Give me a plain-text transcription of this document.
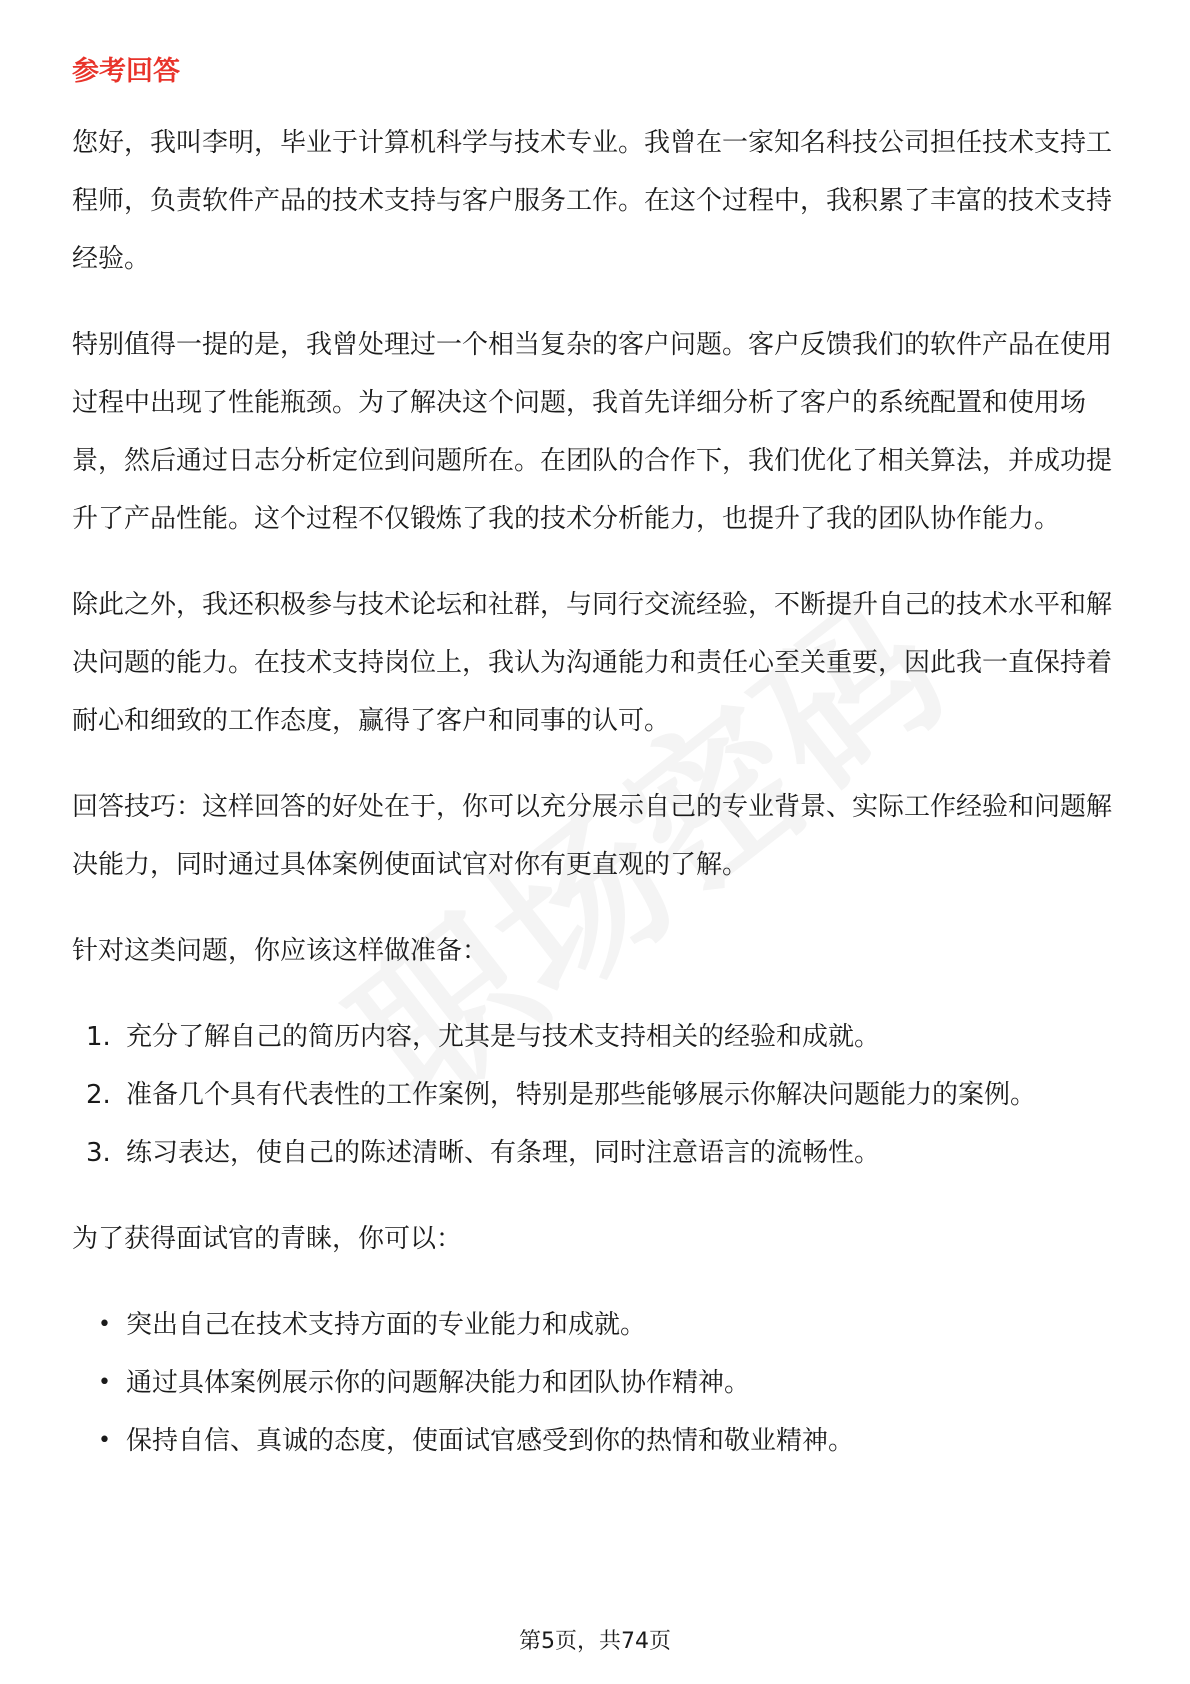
参考回答

您好，我叫李明，毕业于计算机科学与技术专业。我曾在一家知名科技公司担任技术支持工程师，负责软件产品的技术支持与客户服务工作。在这个过程中，我积累了丰富的技术支持经验。

特别值得一提的是，我曾处理过一个相当复杂的客户问题。客户反馈我们的软件产品在使用过程中出现了性能瓶颈。为了解决这个问题，我首先详细分析了客户的系统配置和使用场景，然后通过日志分析定位到问题所在。在团队的合作下，我们优化了相关算法，并成功提升了产品性能。这个过程不仅锻炼了我的技术分析能力，也提升了我的团队协作能力。

除此之外，我还积极参与技术论坛和社群，与同行交流经验，不断提升自己的技术水平和解决问题的能力。在技术支持岗位上，我认为沟通能力和责任心至关重要，因此我一直保持着耐心和细致的工作态度，赢得了客户和同事的认可。

回答技巧：这样回答的好处在于，你可以充分展示自己的专业背景、实际工作经验和问题解决能力，同时通过具体案例使面试官对你有更直观的了解。

针对这类问题，你应该这样做准备：

1. 充分了解自己的简历内容，尤其是与技术支持相关的经验和成就。
2. 准备几个具有代表性的工作案例，特别是那些能够展示你解决问题能力的案例。
3. 练习表达，使自己的陈述清晰、有条理，同时注意语言的流畅性。

为了获得面试官的青睐，你可以：

• 突出自己在技术支持方面的专业能力和成就。
• 通过具体案例展示你的问题解决能力和团队协作精神。
• 保持自信、真诚的态度，使面试官感受到你的热情和敬业精神。
第5页，共74页
